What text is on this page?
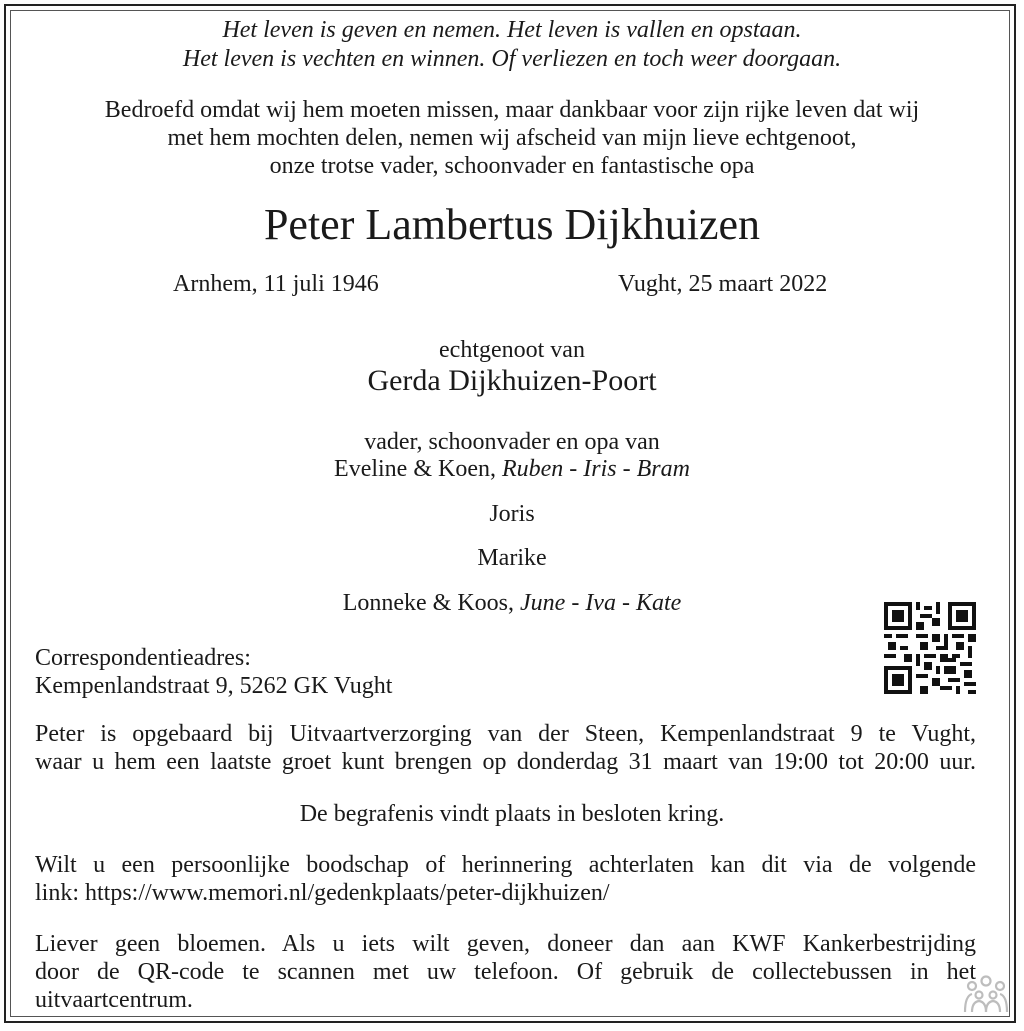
Het leven is geven en nemen. Het leven is vallen en opstaan.
Het leven is vechten en winnen. Of verliezen en toch weer doorgaan.
Bedroefd omdat wij hem moeten missen, maar dankbaar voor zijn rijke leven dat wij
met hem mochten delen, nemen wij afscheid van mijn lieve echtgenoot,
onze trotse vader, schoonvader en fantastische opa
Peter Lambertus Dijkhuizen
Arnhem, 11 juli 1946	Vught, 25 maart 2022
echtgenoot van
Gerda Dijkhuizen-Poort
vader, schoonvader en opa van
Eveline & Koen, Ruben - Iris - Bram
Joris
Marike
Lonneke & Koos, June - Iva - Kate
Correspondentieadres:
Kempenlandstraat 9, 5262 GK Vught
Peter is opgebaard bij Uitvaartverzorging van der Steen, Kempenlandstraat 9 te Vught,
waar u hem een laatste groet kunt brengen op donderdag 31 maart van 19:00 tot 20:00 uur.
De begrafenis vindt plaats in besloten kring.
Wilt u een persoonlijke boodschap of herinnering achterlaten kan dit via de volgende
link: https://www.memori.nl/gedenkplaats/peter-dijkhuizen/
Liever geen bloemen. Als u iets wilt geven, doneer dan aan KWF Kankerbestrijding
door de QR-code te scannen met uw telefoon. Of gebruik de collectebussen in het
uitvaartcentrum.
